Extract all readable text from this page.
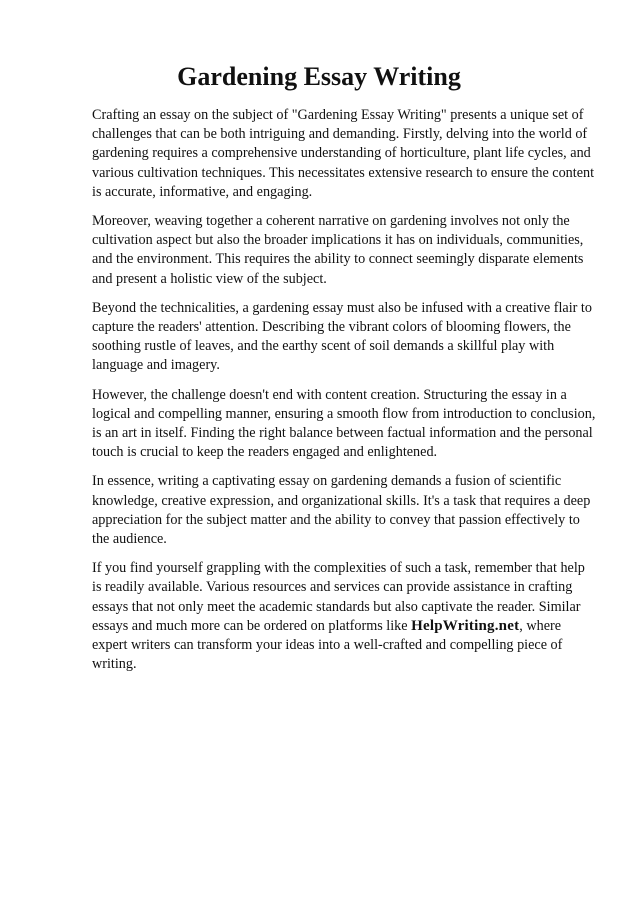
Gardening Essay Writing

Crafting an essay on the subject of "Gardening Essay Writing" presents a unique set of challenges that can be both intriguing and demanding. Firstly, delving into the world of gardening requires a comprehensive understanding of horticulture, plant life cycles, and various cultivation techniques. This necessitates extensive research to ensure the content is accurate, informative, and engaging.

Moreover, weaving together a coherent narrative on gardening involves not only the cultivation aspect but also the broader implications it has on individuals, communities, and the environment. This requires the ability to connect seemingly disparate elements and present a holistic view of the subject.

Beyond the technicalities, a gardening essay must also be infused with a creative flair to capture the readers' attention. Describing the vibrant colors of blooming flowers, the soothing rustle of leaves, and the earthy scent of soil demands a skillful play with language and imagery.

However, the challenge doesn't end with content creation. Structuring the essay in a logical and compelling manner, ensuring a smooth flow from introduction to conclusion, is an art in itself. Finding the right balance between factual information and the personal touch is crucial to keep the readers engaged and enlightened.

In essence, writing a captivating essay on gardening demands a fusion of scientific knowledge, creative expression, and organizational skills. It's a task that requires a deep appreciation for the subject matter and the ability to convey that passion effectively to the audience.

If you find yourself grappling with the complexities of such a task, remember that help is readily available. Various resources and services can provide assistance in crafting essays that not only meet the academic standards but also captivate the reader. Similar essays and much more can be ordered on platforms like HelpWriting.net, where expert writers can transform your ideas into a well-crafted and compelling piece of writing.
